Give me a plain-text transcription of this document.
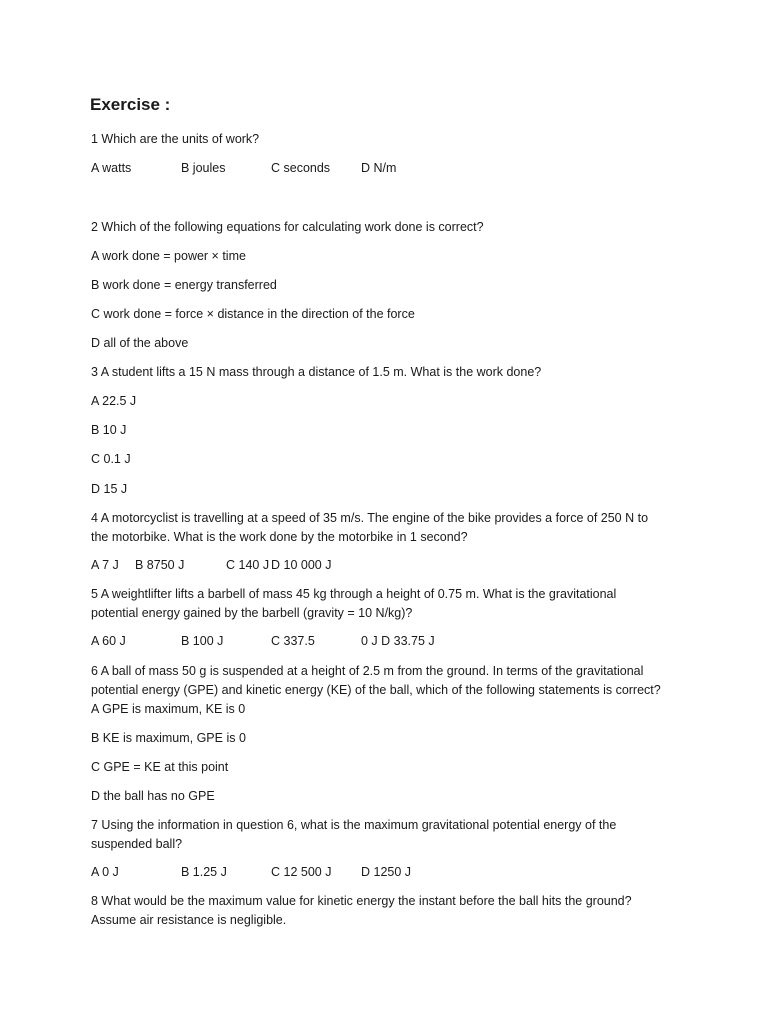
Exercise :
1 Which are the units of work?
A watts	B joules	C seconds D N/m
2 Which of the following equations for calculating work done is correct?
A work done = power × time
B work done = energy transferred
C work done = force × distance in the direction of the force
D all of the above
3 A student lifts a 15 N mass through a distance of 1.5 m. What is the work done?
A 22.5 J
B 10 J
C 0.1 J
D 15 J
4 A motorcyclist is travelling at a speed of 35 m/s. The engine of the bike provides a force of 250 N to
the motorbike. What is the work done by the motorbike in 1 second?
A 7 J B 8750 J	C 140 J D 10 000 J
5 A weightlifter lifts a barbell of mass 45 kg through a height of 0.75 m. What is the gravitational
potential energy gained by the barbell (gravity = 10 N/kg)?
A 60 J	B 100 J	C 337.5	0 J D 33.75 J
6 A ball of mass 50 g is suspended at a height of 2.5 m from the ground. In terms of the gravitational
potential energy (GPE) and kinetic energy (KE) of the ball, which of the following statements is correct?
A GPE is maximum, KE is 0
B KE is maximum, GPE is 0
C GPE = KE at this point
D the ball has no GPE
7 Using the information in question 6, what is the maximum gravitational potential energy of the
suspended ball?
A 0 J	B 1.25 J	C 12 500 J D 1250 J
8 What would be the maximum value for kinetic energy the instant before the ball hits the ground?
Assume air resistance is negligible.
